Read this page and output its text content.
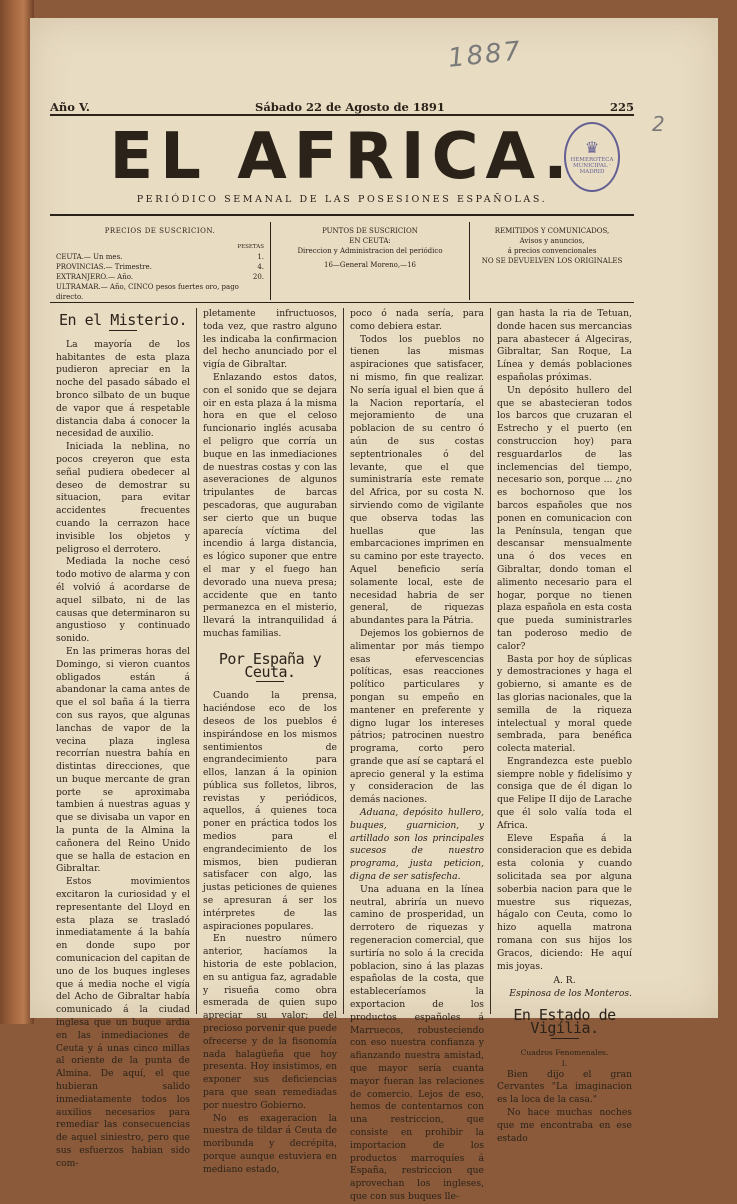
1887
2
Año V.	Sábado 22 de Agosto de 1891	225
EL AFRICA. ♛
HEMEROTECA MUNICIPAL · MADRID
PERIÓDICO SEMANAL DE LAS POSESIONES ESPAÑOLAS.
PRECIOS DE SUSCRICION.
PESETAS
CEUTA.— Un mes.	1.
PROVINCIAS.— Trimestre.	4.
EXTRANJERO.— Año.	20.
ULTRAMAR.— Año, CINCO pesos fuertes oro, pago directo.
PUNTOS DE SUSCRICION
EN CEUTA:
Direccion y Administracion del periódico
16—General Moreno,—16
REMITIDOS Y COMUNICADOS,
Avisos y anuncios,
á precios convencionales
NO SE DEVUELVEN LOS ORIGINALES
En el Misterio.

La mayoría de los habitantes de esta plaza pudieron apreciar en la noche del pasado sábado el bronco silbato de un buque de vapor que á respetable distancia daba á conocer la necesidad de auxilio.

Iniciada la neblina, no pocos creyeron que esta señal pudiera obedecer al deseo de demostrar su situacion, para evitar accidentes frecuentes cuando la cerrazon hace invisible los objetos y peligroso el derrotero.

Mediada la noche cesó todo motivo de alarma y con él volvió á acordarse de aquel silbato, ni de las causas que determinaron su angustioso y continuado sonido.

En las primeras horas del Domingo, si vieron cuantos obligados están á abandonar la cama antes de que el sol baña á la tierra con sus rayos, que algunas lanchas de vapor de la vecina plaza inglesa recorrían nuestra bahía en distintas direcciones, que un buque mercante de gran porte se aproximaba tambien á nuestras aguas y que se divisaba un vapor en la punta de la Almina la cañonera del Reino Unido que se halla de estacion en Gibraltar.

Estos movimientos excitaron la curiosidad y el representante del Lloyd en esta plaza se trasladó inmediatamente á la bahía en donde supo por comunicacion del capitan de uno de los buques ingleses que á media noche el vigía del Acho de Gibraltar había comunicado á la ciudad inglesa que un buque ardia en las inmediaciones de Ceuta y á unas cinco millas al oriente de la punta de Almina. De aquí, el que hubieran salido inmediatamente todos los auxilios necesarios para remediar las consecuencias de aquel siniestro, pero que sus esfuerzos habian sido com-

pletamente infructuosos, toda vez, que rastro alguno les indicaba la confirmacion del hecho anunciado por el vigía de Gibraltar.

Enlazando estos datos, con el sonido que se dejara oir en esta plaza á la misma hora en que el celoso funcionario inglés acusaba el peligro que corría un buque en las inmediaciones de nuestras costas y con las aseveraciones de algunos tripulantes de barcas pescadoras, que auguraban ser cierto que un buque aparecía víctima del incendio á larga distancia, es lógico suponer que entre el mar y el fuego han devorado una nueva presa; accidente que en tanto permanezca en el misterio, llevará la intranquilidad á muchas familias.

Por España y Ceuta.

Cuando la prensa, haciéndose eco de los deseos de los pueblos é inspirándose en los mismos sentimientos de engrandecimiento para ellos, lanzan á la opinion pública sus folletos, libros, revistas y periódicos, aquellos, á quienes toca poner en práctica todos los medios para el engrandecimiento de los mismos, bien pudieran satisfacer con algo, las justas peticiones de quienes se apresuran á ser los intérpretes de las aspiraciones populares.

En nuestro número anterior, hacíamos la historia de este poblacion, en su antigua faz, agradable y risueña como obra esmerada de quien supo apreciar su valor; del precioso porvenir que puede ofrecerse y de la fisonomía nada halagüeña que hoy presenta. Hoy insistimos, en exponer sus deficiencias para que sean remediadas por nuestro Gobierno.

No es exageracion la nuestra de tildar á Ceuta de moribunda y decrépita, porque aunque estuviera en mediano estado,

poco ó nada sería, para como debiera estar.

Todos los pueblos no tienen las mismas aspiraciones que satisfacer, ni mismo, fin que realizar. No sería igual el bien que á la Nacion reportaría, el mejoramiento de una poblacion de su centro ó aún de sus costas septentrionales ó del levante, que el que suministraría este remate del Africa, por su costa N. sirviendo como de vigilante que observa todas las huellas que las embarcaciones imprimen en su camino por este trayecto. Aquel beneficio sería solamente local, este de necesidad habria de ser general, de riquezas abundantes para la Pátria.

Dejemos los gobiernos de alimentar por más tiempo esas efervescencias políticas, esas reacciones político particulares y pongan su empeño en mantener en preferente y digno lugar los intereses pátrios; patrocinen nuestro programa, corto pero grande que así se captará el aprecio general y la estima y consideracion de las demás naciones.

Aduana, depósito hullero, buques, guarnicion, y artillado son los principales sucesos de nuestro programa, justa peticion, digna de ser satisfecha.

Una aduana en la línea neutral, abriría un nuevo camino de prosperidad, un derrotero de riquezas y regeneracion comercial, que surtiría no solo á la crecida poblacion, sino á las plazas españolas de la costa, que estableceríamos la exportacion de los productos españoles á Marruecos, robusteciendo con eso nuestra confianza y afianzando nuestra amistad, que mayor sería cuanta mayor fueran las relaciones de comercio. Lejos de eso, hemos de contentarnos con una restriccion, que consiste en prohibir la importacion de los productos marroquíes á España, restriccion que aprovechan los ingleses, que con sus buques lle-

gan hasta la ria de Tetuan, donde hacen sus mercancias para abastecer á Algeciras, Gibraltar, San Roque, La Línea y demás poblaciones españolas próximas.

Un depósito hullero del que se abastecieran todos los barcos que cruzaran el Estrecho y el puerto (en construccion hoy) para resguardarlos de las inclemencias del tiempo, necesario son, porque ... ¿no es bochornoso que los barcos españoles que nos ponen en comunicacion con la Península, tengan que descansar mensualmente una ó dos veces en Gibraltar, dondo toman el alimento necesario para el hogar, porque no tienen plaza española en esta costa que pueda suministrarles tan poderoso medio de calor?

Basta por hoy de súplicas y demostraciones y haga el gobierno, si amante es de las glorias nacionales, que la semilla de la riqueza intelectual y moral quede sembrada, para benéfica colecta material.

Engrandezca este pueblo siempre noble y fidelísimo y consiga que de él digan lo que Felipe II dijo de Larache que él solo valía toda el Africa.

Eleve España á la consideracion que es debida esta colonia y cuando solicitada sea por alguna soberbia nacion para que le muestre sus riquezas, hágalo con Ceuta, como lo hizo aquella matrona romana con sus hijos los Gracos, diciendo: He aquí mis joyas.

A. R.
Espinosa de los Monteros.
En Estado de Vigília.
Cuadros Fenomenales.
I.

Bien dijo el gran Cervantes "La imaginacion es la loca de la casa."

No hace muchas noches que me encontraba en ese estado
